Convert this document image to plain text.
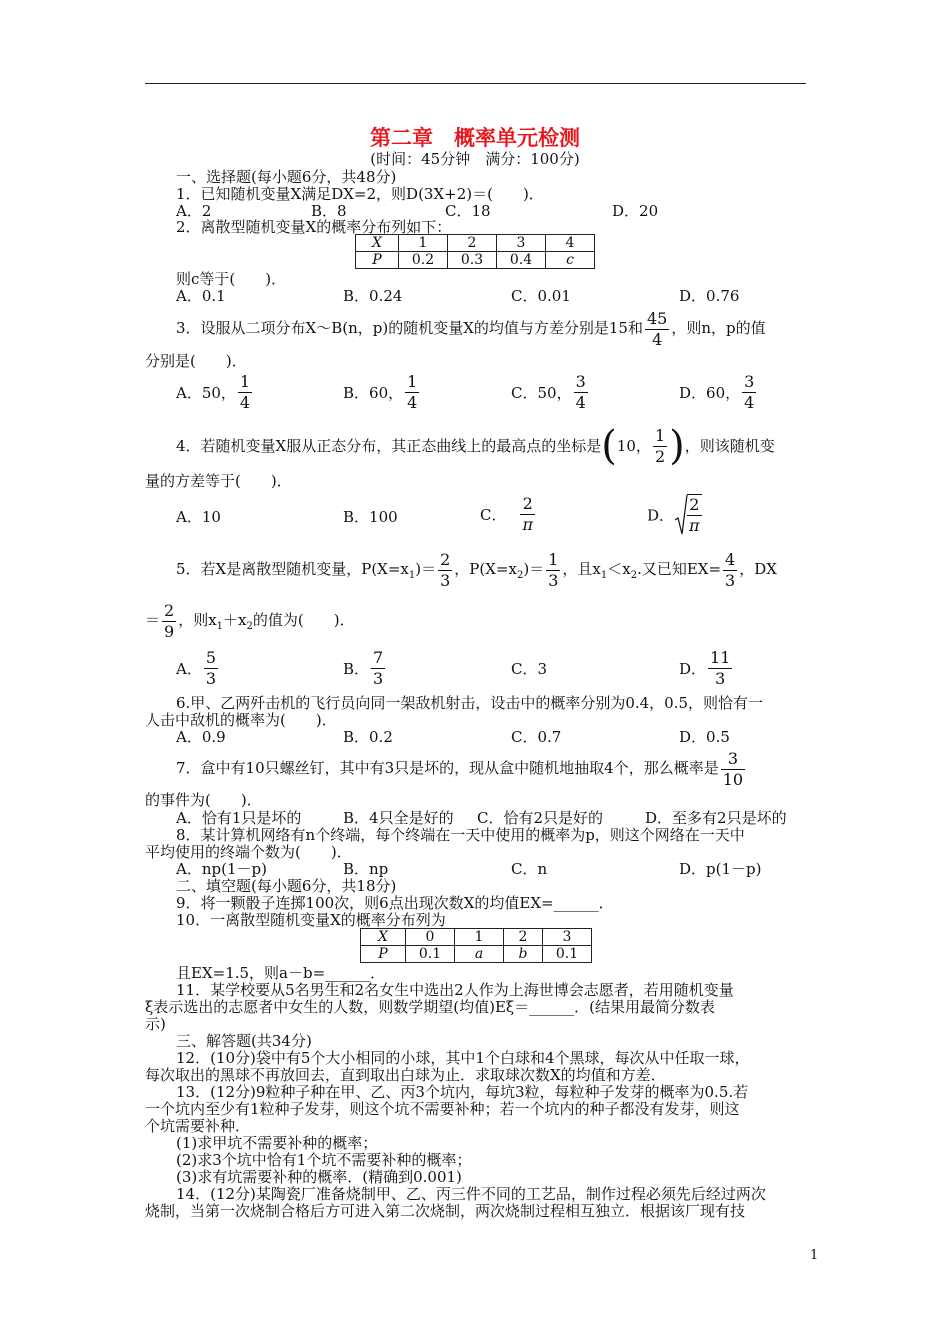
第二章　概率单元检测
(时间：45分钟　满分：100分)
一、选择题(每小题6分，共48分)
1．已知随机变量X满足DX=2，则D(3X+2)＝(　　)．
A．2	B．8	C．18	D．20
2．离散型随机变量X的概率分布列如下：
X	1	2	3	4
P	0.2	0.3	0.4	c
则c等于(　　)．
A．0.1	B．0.24	C．0.01	D．0.76
3．设服从二项分布X～B(n，p)的随机变量X的均值与方差分别是15和 $\frac{45}{4}$ ，则n，p的值
分别是(　　)．
A．50， $\frac{1}{4}$	B．60， $\frac{1}{4}$	C．50， $\frac{3}{4}$	D．60， $\frac{3}{4}$
4．若随机变量X服从正态分布，其正态曲线上的最高点的坐标是(10， $\frac{1}{2}$ )，则该随机变
量的方差等于(　　)．
A．10	B．100	C． $\frac{2}{\pi}$	D． $\frac{2}{\pi}$
5．若X是离散型随机变量，$P(X=x_1)= \frac{2}{3}$ ，$P(X=x_2)= \frac{1}{3}$ ，且$x_1<x_2$.又已知$EX= \frac{4}{3}$ ，DX
＝ $\frac{2}{9}$ ，则$x_1+x_2$的值为(　　)．
A． $\frac{5}{3}$	B． $\frac{7}{3}$	C．3	D． $\frac{11}{3}$
6.甲、乙两歼击机的飞行员向同一架敌机射击，设击中的概率分别为0.4，0.5，则恰有一
人击中敌机的概率为(　　)．
A．0.9	B．0.2	C．0.7	D．0.5
7．盒中有10只螺丝钉，其中有3只是坏的，现从盒中随机地抽取4个，那么概率是 $\frac{3}{10}$
的事件为(　　)．
A．恰有1只是坏的	B．4只全是好的 C．恰有2只是好的	D．至多有2只是坏的
8．某计算机网络有n个终端，每个终端在一天中使用的概率为p，则这个网络在一天中
平均使用的终端个数为(　　)．
A．np(1－p)	B．np	C．n	D．p(1－p)
二、填空题(每小题6分，共18分)
9．将一颗骰子连掷100次，则6点出现次数X的均值EX=______．
10．一离散型随机变量X的概率分布列为
X	0	1	2	3
P	0.1	a	b	0.1
且EX=1.5，则a－b=______．
11．某学校要从5名男生和2名女生中选出2人作为上海世博会志愿者，若用随机变量
ξ表示选出的志愿者中女生的人数，则数学期望(均值)Eξ＝______．(结果用最简分数表
示)
三、解答题(共34分)
12．(10分)袋中有5个大小相同的小球，其中1个白球和4个黑球，每次从中任取一球，
每次取出的黑球不再放回去，直到取出白球为止．求取球次数X的均值和方差．
13．(12分)9粒种子种在甲、乙、丙3个坑内，每坑3粒，每粒种子发芽的概率为0.5.若
一个坑内至少有1粒种子发芽，则这个坑不需要补种；若一个坑内的种子都没有发芽，则这
个坑需要补种．
(1)求甲坑不需要补种的概率；
(2)求3个坑中恰有1个坑不需要补种的概率；
(3)求有坑需要补种的概率．(精确到0.001)
14．(12分)某陶瓷厂准备烧制甲、乙、丙三件不同的工艺品，制作过程必须先后经过两次
烧制，当第一次烧制合格后方可进入第二次烧制，两次烧制过程相互独立．根据该厂现有技
1
